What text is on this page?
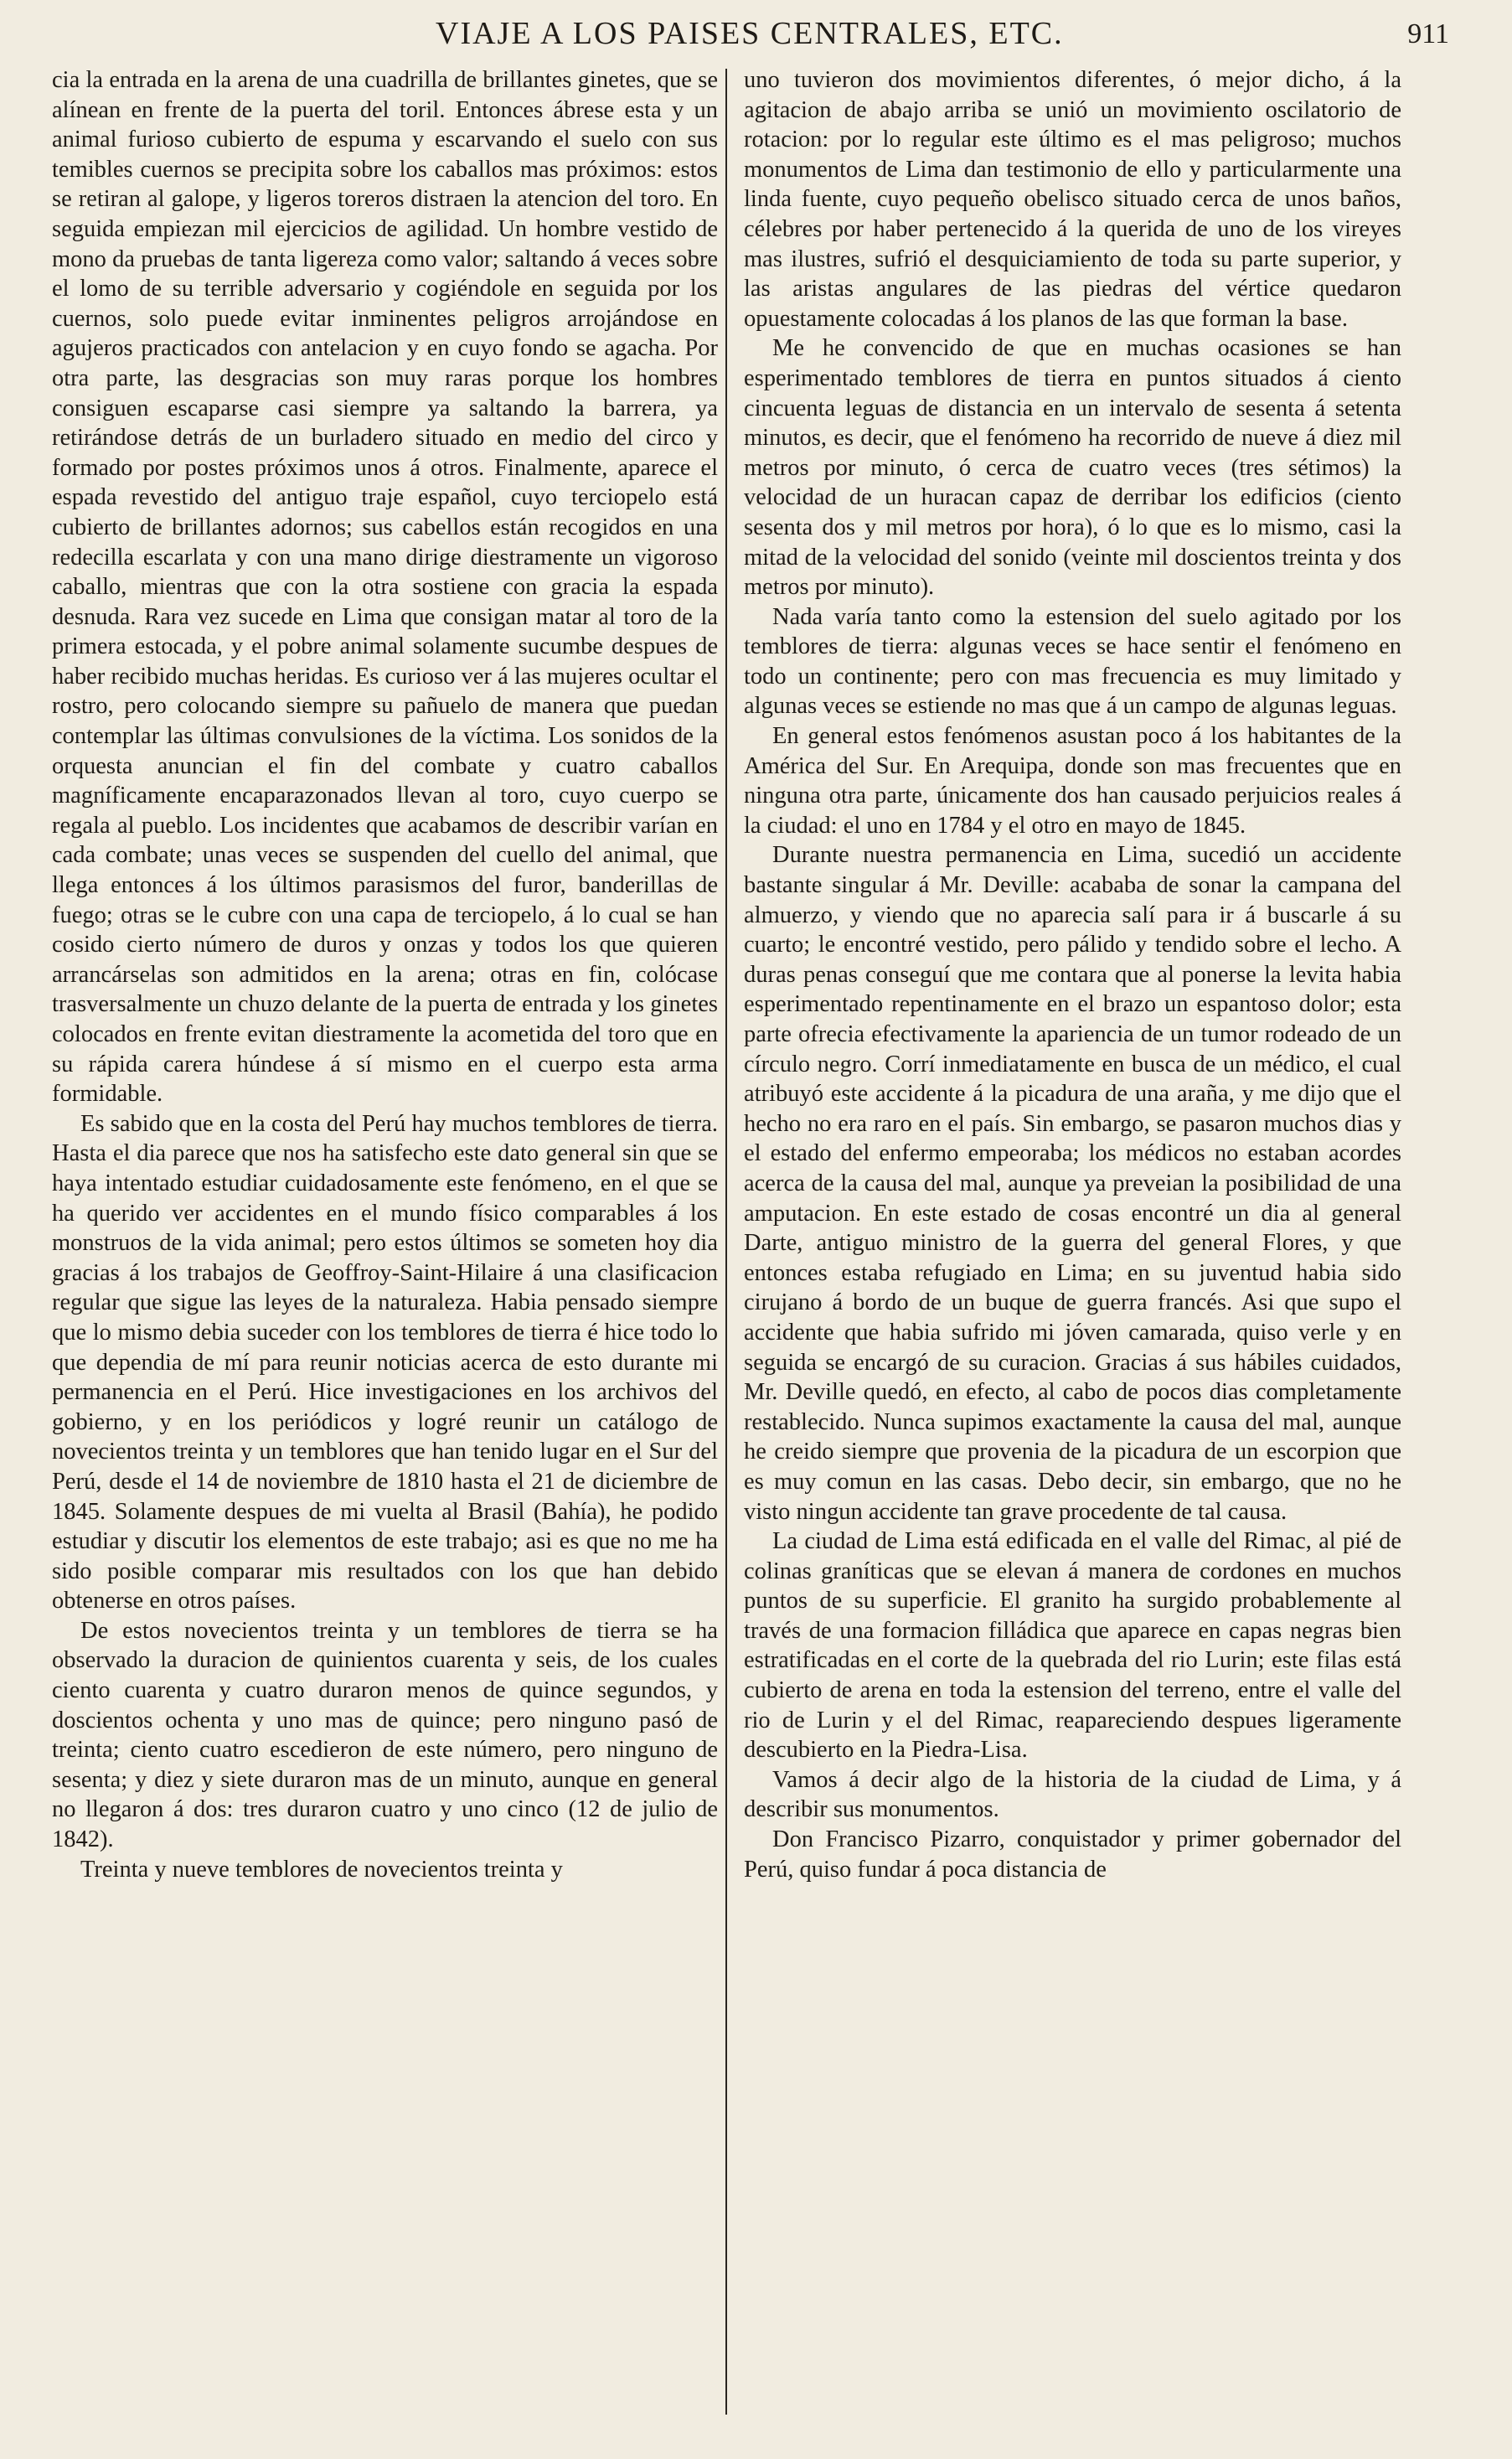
VIAJE A LOS PAISES CENTRALES, ETC.	911

cia la entrada en la arena de una cuadrilla de brillantes ginetes, que se alínean en frente de la puerta del toril. Entonces ábrese esta y un animal furioso cubierto de espuma y escarvando el suelo con sus temibles cuernos se precipita sobre los caballos mas próximos: estos se retiran al galope, y ligeros toreros distraen la atencion del toro. En seguida empiezan mil ejercicios de agilidad. Un hombre vestido de mono da pruebas de tanta ligereza como valor; saltando á veces sobre el lomo de su terrible adversario y cogiéndole en seguida por los cuernos, solo puede evitar inminentes peligros arrojándose en agujeros practicados con antelacion y en cuyo fondo se agacha. Por otra parte, las desgracias son muy raras porque los hombres consiguen escaparse casi siempre ya saltando la barrera, ya retirándose detrás de un burladero situado en medio del circo y formado por postes próximos unos á otros. Finalmente, aparece el espada revestido del antiguo traje español, cuyo terciopelo está cubierto de brillantes adornos; sus cabellos están recogidos en una redecilla escarlata y con una mano dirige diestramente un vigoroso caballo, mientras que con la otra sostiene con gracia la espada desnuda. Rara vez sucede en Lima que consigan matar al toro de la primera estocada, y el pobre animal solamente sucumbe despues de haber recibido muchas heridas. Es curioso ver á las mujeres ocultar el rostro, pero colocando siempre su pañuelo de manera que puedan contemplar las últimas convulsiones de la víctima. Los sonidos de la orquesta anuncian el fin del combate y cuatro caballos magníficamente encaparazonados llevan al toro, cuyo cuerpo se regala al pueblo. Los incidentes que acabamos de describir varían en cada combate; unas veces se suspenden del cuello del animal, que llega entonces á los últimos parasismos del furor, banderillas de fuego; otras se le cubre con una capa de terciopelo, á lo cual se han cosido cierto número de duros y onzas y todos los que quieren arrancárselas son admitidos en la arena; otras en fin, colócase trasversalmente un chuzo delante de la puerta de entrada y los ginetes colocados en frente evitan diestramente la acometida del toro que en su rápida carera húndese á sí mismo en el cuerpo esta arma formidable.

Es sabido que en la costa del Perú hay muchos temblores de tierra. Hasta el dia parece que nos ha satisfecho este dato general sin que se haya intentado estudiar cuidadosamente este fenómeno, en el que se ha querido ver accidentes en el mundo físico comparables á los monstruos de la vida animal; pero estos últimos se someten hoy dia gracias á los trabajos de Geoffroy-Saint-Hilaire á una clasificacion regular que sigue las leyes de la naturaleza. Habia pensado siempre que lo mismo debia suceder con los temblores de tierra é hice todo lo que dependia de mí para reunir noticias acerca de esto durante mi permanencia en el Perú. Hice investigaciones en los archivos del gobierno, y en los periódicos y logré reunir un catálogo de novecientos treinta y un temblores que han tenido lugar en el Sur del Perú, desde el 14 de noviembre de 1810 hasta el 21 de diciembre de 1845. Solamente despues de mi vuelta al Brasil (Bahía), he podido estudiar y discutir los elementos de este trabajo; asi es que no me ha sido posible comparar mis resultados con los que han debido obtenerse en otros países.

De estos novecientos treinta y un temblores de tierra se ha observado la duracion de quinientos cuarenta y seis, de los cuales ciento cuarenta y cuatro duraron menos de quince segundos, y doscientos ochenta y uno mas de quince; pero ninguno pasó de treinta; ciento cuatro escedieron de este número, pero ninguno de sesenta; y diez y siete duraron mas de un minuto, aunque en general no llegaron á dos: tres duraron cuatro y uno cinco (12 de julio de 1842).

Treinta y nueve temblores de novecientos treinta y

uno tuvieron dos movimientos diferentes, ó mejor dicho, á la agitacion de abajo arriba se unió un movimiento oscilatorio de rotacion: por lo regular este último es el mas peligroso; muchos monumentos de Lima dan testimonio de ello y particularmente una linda fuente, cuyo pequeño obelisco situado cerca de unos baños, célebres por haber pertenecido á la querida de uno de los vireyes mas ilustres, sufrió el desquiciamiento de toda su parte superior, y las aristas angulares de las piedras del vértice quedaron opuestamente colocadas á los planos de las que forman la base.

Me he convencido de que en muchas ocasiones se han esperimentado temblores de tierra en puntos situados á ciento cincuenta leguas de distancia en un intervalo de sesenta á setenta minutos, es decir, que el fenómeno ha recorrido de nueve á diez mil metros por minuto, ó cerca de cuatro veces (tres sétimos) la velocidad de un huracan capaz de derribar los edificios (ciento sesenta dos y mil metros por hora), ó lo que es lo mismo, casi la mitad de la velocidad del sonido (veinte mil doscientos treinta y dos metros por minuto).

Nada varía tanto como la estension del suelo agitado por los temblores de tierra: algunas veces se hace sentir el fenómeno en todo un continente; pero con mas frecuencia es muy limitado y algunas veces se estiende no mas que á un campo de algunas leguas.

En general estos fenómenos asustan poco á los habitantes de la América del Sur. En Arequipa, donde son mas frecuentes que en ninguna otra parte, únicamente dos han causado perjuicios reales á la ciudad: el uno en 1784 y el otro en mayo de 1845.

Durante nuestra permanencia en Lima, sucedió un accidente bastante singular á Mr. Deville: acababa de sonar la campana del almuerzo, y viendo que no aparecia salí para ir á buscarle á su cuarto; le encontré vestido, pero pálido y tendido sobre el lecho. A duras penas conseguí que me contara que al ponerse la levita habia esperimentado repentinamente en el brazo un espantoso dolor; esta parte ofrecia efectivamente la apariencia de un tumor rodeado de un círculo negro. Corrí inmediatamente en busca de un médico, el cual atribuyó este accidente á la picadura de una araña, y me dijo que el hecho no era raro en el país. Sin embargo, se pasaron muchos dias y el estado del enfermo empeoraba; los médicos no estaban acordes acerca de la causa del mal, aunque ya preveian la posibilidad de una amputacion. En este estado de cosas encontré un dia al general Darte, antiguo ministro de la guerra del general Flores, y que entonces estaba refugiado en Lima; en su juventud habia sido cirujano á bordo de un buque de guerra francés. Asi que supo el accidente que habia sufrido mi jóven camarada, quiso verle y en seguida se encargó de su curacion. Gracias á sus hábiles cuidados, Mr. Deville quedó, en efecto, al cabo de pocos dias completamente restablecido. Nunca supimos exactamente la causa del mal, aunque he creido siempre que provenia de la picadura de un escorpion que es muy comun en las casas. Debo decir, sin embargo, que no he visto ningun accidente tan grave procedente de tal causa.

La ciudad de Lima está edificada en el valle del Rimac, al pié de colinas graníticas que se elevan á manera de cordones en muchos puntos de su superficie. El granito ha surgido probablemente al través de una formacion filládica que aparece en capas negras bien estratificadas en el corte de la quebrada del rio Lurin; este filas está cubierto de arena en toda la estension del terreno, entre el valle del rio de Lurin y el del Rimac, reapareciendo despues ligeramente descubierto en la Piedra-Lisa.

Vamos á decir algo de la historia de la ciudad de Lima, y á describir sus monumentos.

Don Francisco Pizarro, conquistador y primer gobernador del Perú, quiso fundar á poca distancia de
